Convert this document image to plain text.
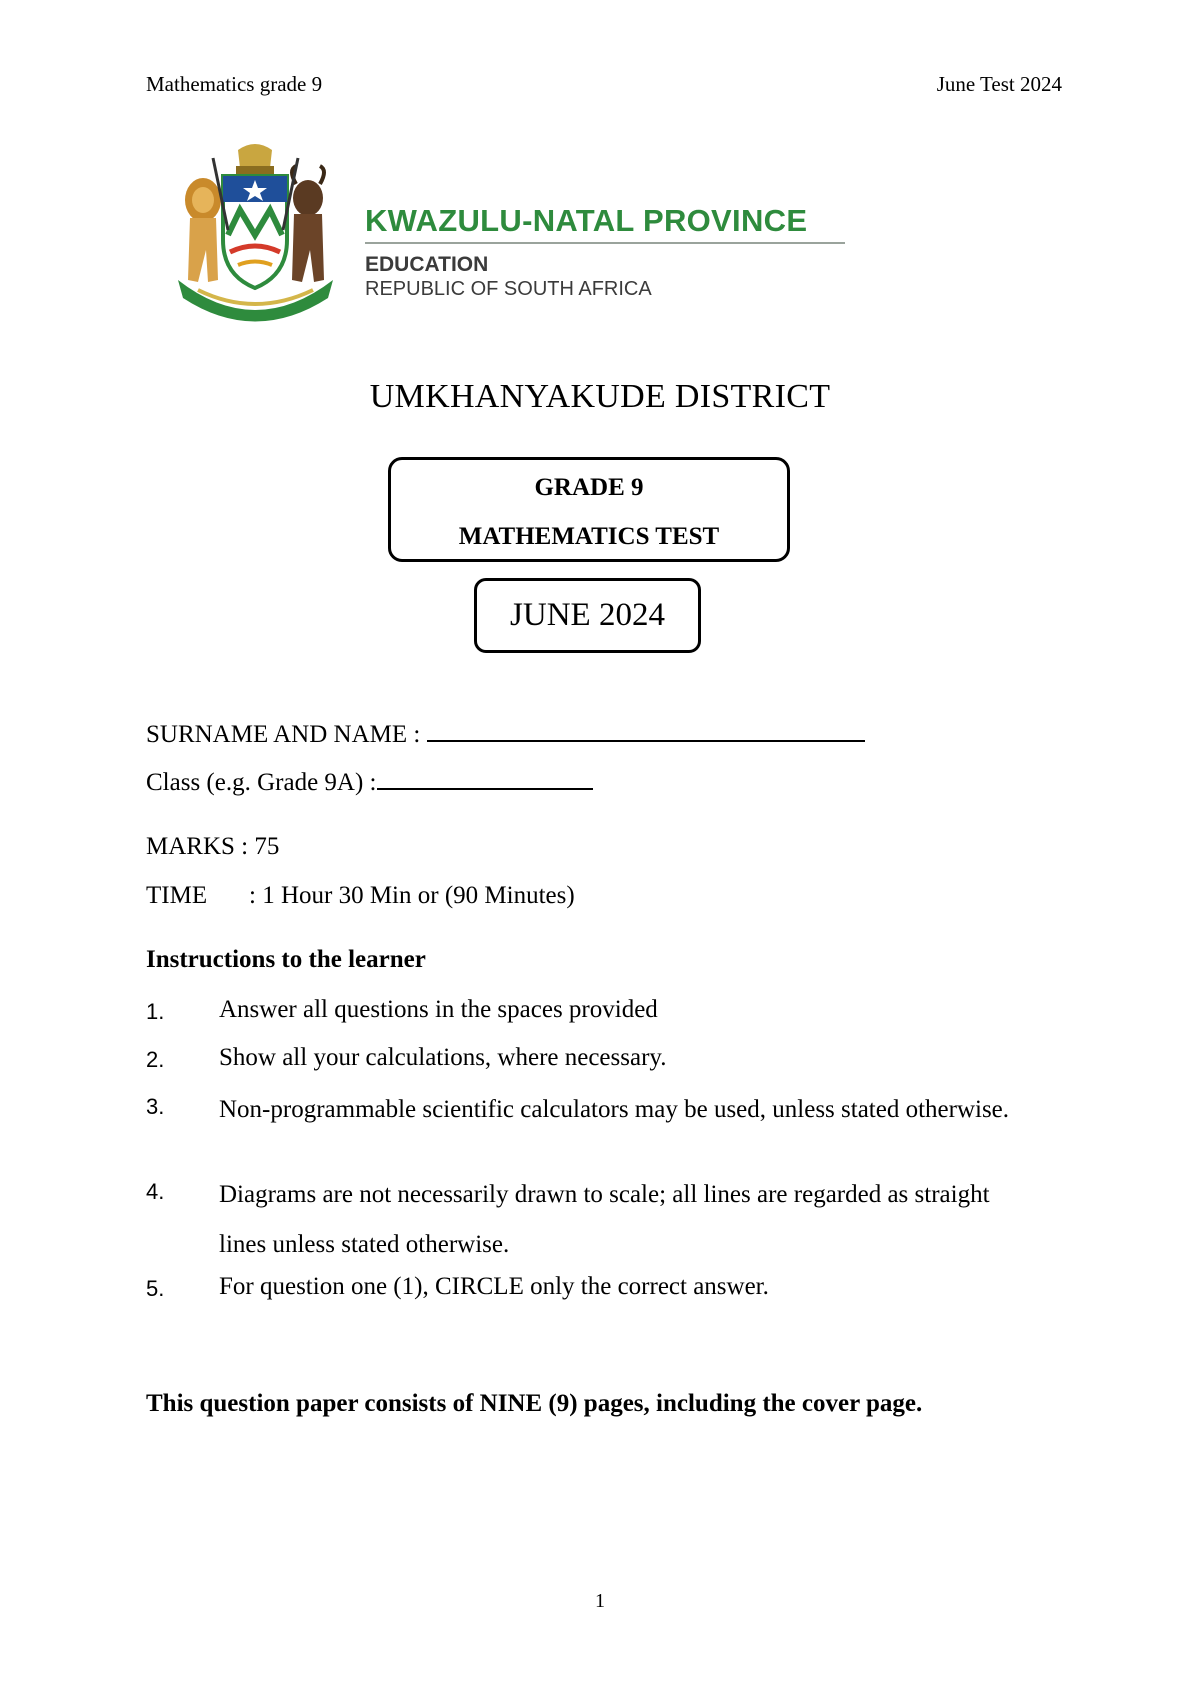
Mathematics grade 9	June Test 2024
KWAZULU-NATAL PROVINCE
EDUCATION
REPUBLIC OF SOUTH AFRICA
UMKHANYAKUDE DISTRICT
GRADE 9
MATHEMATICS TEST
JUNE 2024
SURNAME AND NAME :
Class (e.g. Grade 9A) :
MARKS : 75
TIME : 1 Hour 30 Min or (90 Minutes)
Instructions to the learner
1. Answer all questions in the spaces provided
2. Show all your calculations, where necessary.
3. Non-programmable scientific calculators may be used, unless stated otherwise.
4. Diagrams are not necessarily drawn to scale; all lines are regarded as straight lines unless stated otherwise.
5. For question one (1), CIRCLE only the correct answer.
This question paper consists of NINE (9) pages, including the cover page.
1
